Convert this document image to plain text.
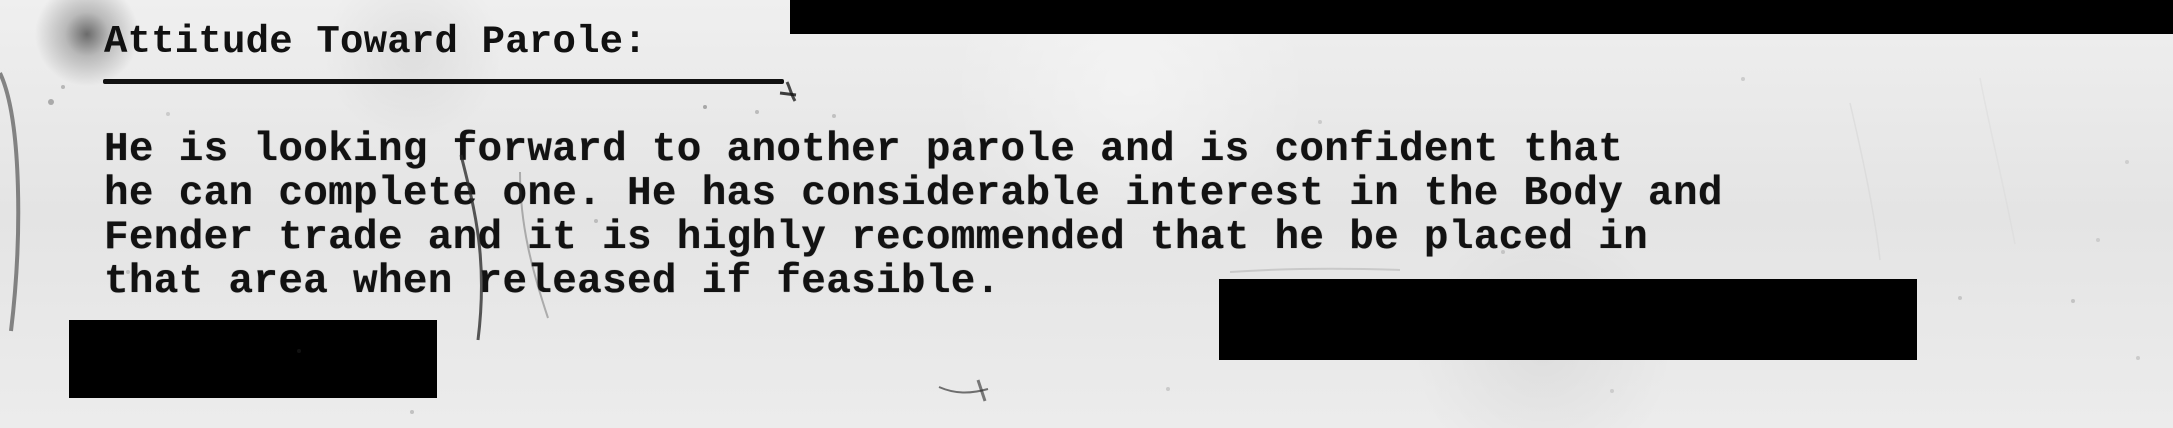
Attitude Toward Parole:

He is looking forward to another parole and is confident that
he can complete one. He has considerable interest in the Body and
Fender trade and it is highly recommended that he be placed in
that area when released if feasible.
